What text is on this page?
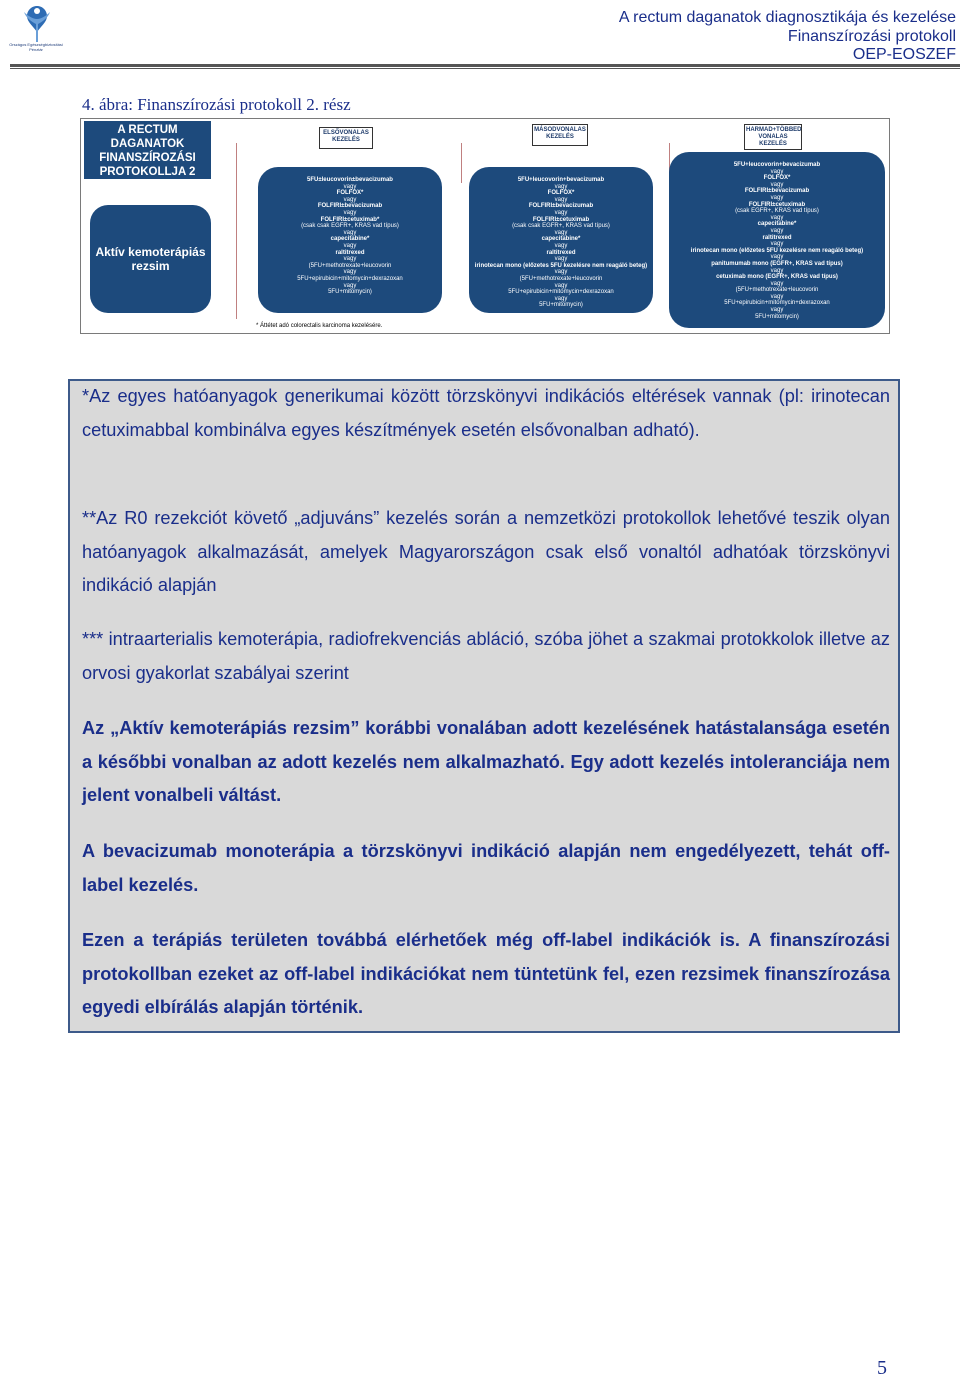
Országos Egészségbiztosítási Pénztár
A rectum daganatok diagnosztikája és kezelése
Finanszírozási protokoll
OEP-EOSZEF
4. ábra: Finanszírozási protokoll 2. rész
A RECTUM DAGANATOK FINANSZÍROZÁSI PROTOKOLLJA 2
Aktív kemoterápiás rezsim
ELSŐVONALAS KEZELÉS
MÁSODVONALAS KEZELÉS
HARMAD+TÖBBED VONALAS KEZELÉS
5FU±leucovorin±bevacizumab
vagy
FOLFOX*
vagy
FOLFIRI±bevacizumab
vagy
FOLFIRI±cetuximab*
(csak csak EGFR+, KRAS vad típus)
vagy
capecitabine*
vagy
raltitrexed
vagy
(5FU+methotrexate+leucovorin
vagy
5FU+epirubicin+mitomycin+dexrazoxan
vagy
5FU+mitomycin)
5FU+leucovorin+bevacizumab
vagy
FOLFOX*
vagy
FOLFIRI±bevacizumab
vagy
FOLFIRI±cetuximab
(csak csak EGFR+, KRAS vad típus)
vagy
capecitabine*
vagy
raltitrexed
vagy
irinotecan mono (előzetes 5FU kezelésre nem reagáló beteg)
vagy
(5FU+methotrexate+leucovorin
vagy
5FU+epirubicin+mitomycin+dexrazoxan
vagy
5FU+mitomycin)
5FU+leucovorin+bevacizumab
vagy
FOLFOX*
vagy
FOLFIRI±bevacizumab
vagy
FOLFIRI±cetuximab
(csak EGFR+, KRAS vad típus)
vagy
capecitabine*
vagy
raltitrexed
vagy
irinotecan mono (előzetes 5FU kezelésre nem reagáló beteg)
vagy
panitumumab mono (EGFR+, KRAS vad típus)
vagy
cetuximab mono (EGFR+, KRAS vad típus)
vagy
(5FU+methotrexate+leucovorin
vagy
5FU+epirubicin+mitomycin+dexrazoxan
vagy
5FU+mitomycin)
* Áttétet adó colorectalis karcinoma kezelésére.
*Az egyes hatóanyagok generikumai között törzskönyvi indikációs eltérések vannak (pl: irinotecan cetuximabbal kombinálva egyes készítmények esetén elsővonalban adható).
**Az R0 rezekciót követő „adjuváns” kezelés során a nemzetközi protokollok lehetővé teszik olyan hatóanyagok alkalmazását, amelyek Magyarországon csak első vonaltól adhatóak törzskönyvi indikáció alapján
*** intraarterialis kemoterápia, radiofrekvenciás abláció, szóba jöhet a szakmai protokkolok illetve az orvosi gyakorlat szabályai szerint
Az „Aktív kemoterápiás rezsim” korábbi vonalában adott kezelésének hatástalansága esetén a későbbi vonalban az adott kezelés nem alkalmazható. Egy adott kezelés intoleranciája nem jelent vonalbeli váltást.
A bevacizumab monoterápia a törzskönyvi indikáció alapján nem engedélyezett, tehát off-label kezelés.
Ezen a terápiás területen továbbá elérhetőek még off-label indikációk is. A finanszírozási protokollban ezeket az off-label indikációkat nem tüntetünk fel, ezen rezsimek finanszírozása egyedi elbírálás alapján történik.
5
